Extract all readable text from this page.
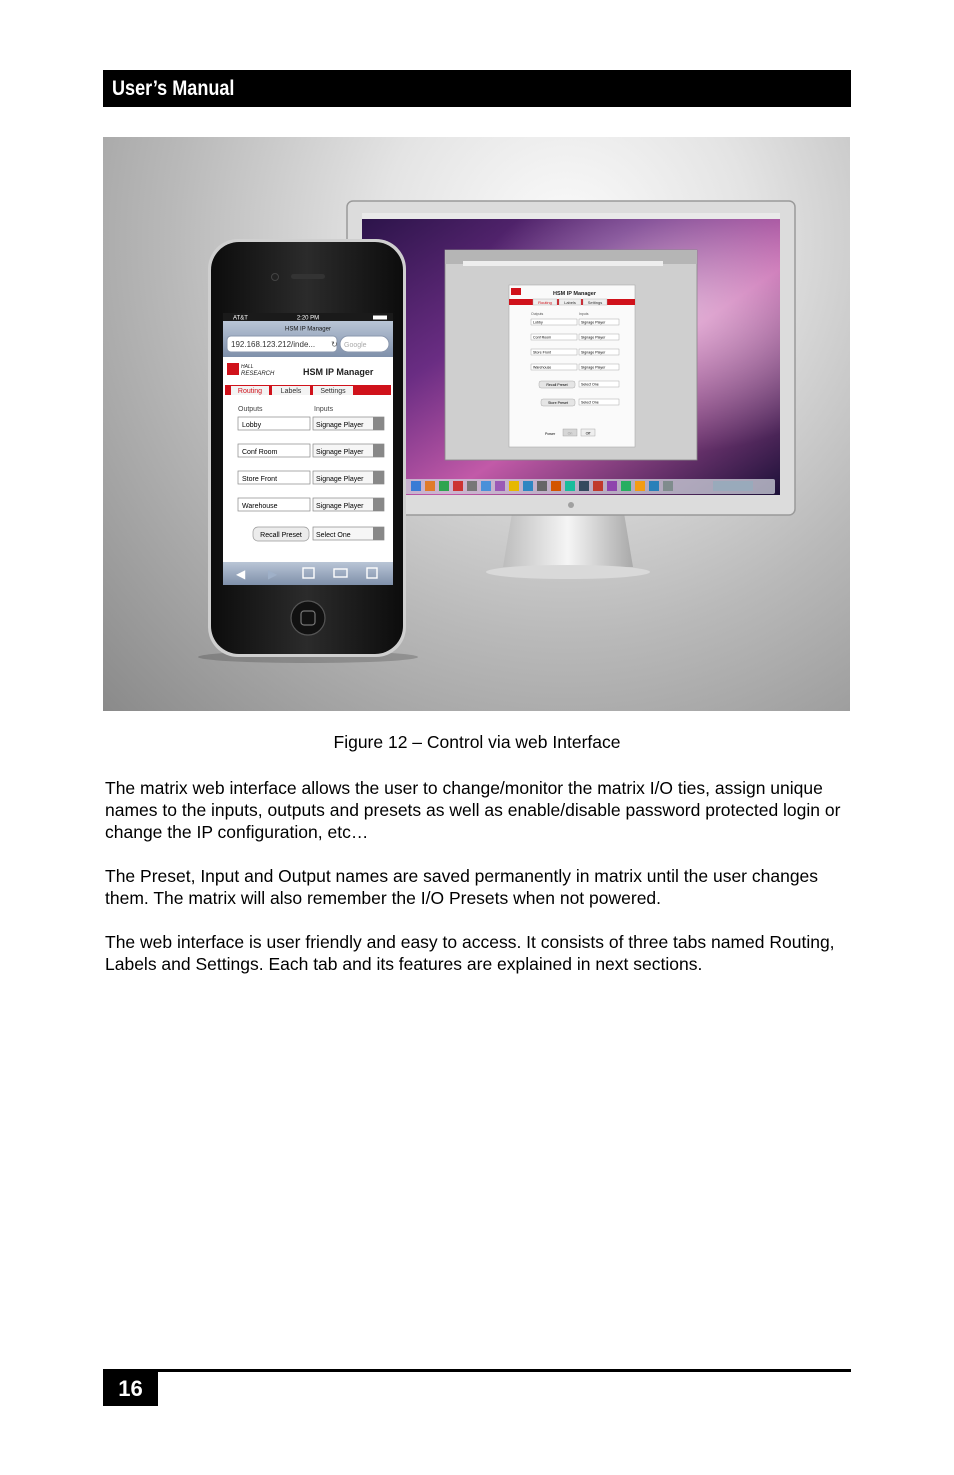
User’s Manual
HSM IP Manager
Routing	Labels	Settings
Outputs	Inputs
Lobby	Signage Player
Conf Room	Signage Player
Store Front	Signage Player
Warehouse	Signage Player
Recall Preset	Select One
Store Preset	Select One
Power	On	Off
AT&T	2:20 PM
HSM IP Manager
192.168.123.212/inde... ↻ Google
HALL
RESEARCH	HSM IP Manager
Routing	Labels	Settings
Outputs	Inputs
Lobby	Signage Player
Conf Room	Signage Player
Store Front	Signage Player
Warehouse	Signage Player
Recall Preset Select One
◀ ▶
Figure 12 – Control via web Interface

The matrix web interface allows the user to change/monitor the matrix I/O ties, assign unique names to the inputs, outputs and presets as well as enable/disable password protected login or change the IP configuration, etc…

The Preset, Input and Output names are saved permanently in matrix until the user changes them. The matrix will also remember the I/O Presets when not powered.

The web interface is user friendly and easy to access. It consists of three tabs named Routing, Labels and Settings. Each tab and its features are explained in next sections.

16
